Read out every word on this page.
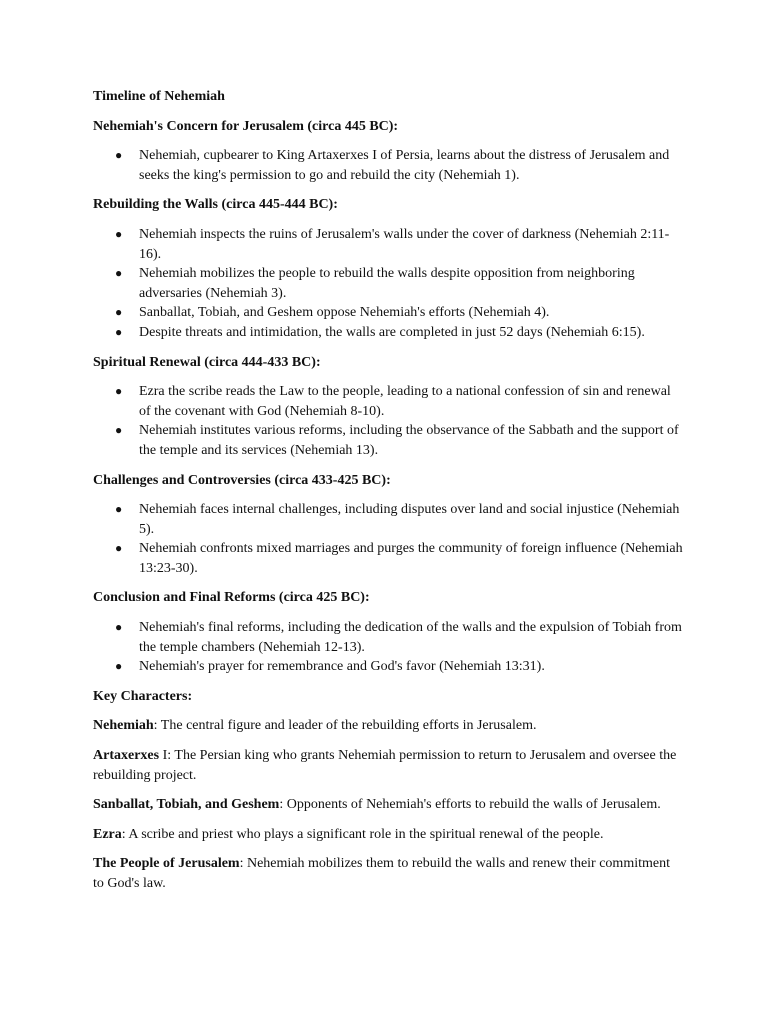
Timeline of Nehemiah

Nehemiah's Concern for Jerusalem (circa 445 BC):

● Nehemiah, cupbearer to King Artaxerxes I of Persia, learns about the distress of Jerusalem and seeks the king's permission to go and rebuild the city (Nehemiah 1).

Rebuilding the Walls (circa 445-444 BC):

● Nehemiah inspects the ruins of Jerusalem's walls under the cover of darkness (Nehemiah 2:11-16).
● Nehemiah mobilizes the people to rebuild the walls despite opposition from neighboring adversaries (Nehemiah 3).
● Sanballat, Tobiah, and Geshem oppose Nehemiah's efforts (Nehemiah 4).
● Despite threats and intimidation, the walls are completed in just 52 days (Nehemiah 6:15).

Spiritual Renewal (circa 444-433 BC):

● Ezra the scribe reads the Law to the people, leading to a national confession of sin and renewal of the covenant with God (Nehemiah 8-10).
● Nehemiah institutes various reforms, including the observance of the Sabbath and the support of the temple and its services (Nehemiah 13).

Challenges and Controversies (circa 433-425 BC):

● Nehemiah faces internal challenges, including disputes over land and social injustice (Nehemiah 5).
● Nehemiah confronts mixed marriages and purges the community of foreign influence (Nehemiah 13:23-30).

Conclusion and Final Reforms (circa 425 BC):

● Nehemiah's final reforms, including the dedication of the walls and the expulsion of Tobiah from the temple chambers (Nehemiah 12-13).
● Nehemiah's prayer for remembrance and God's favor (Nehemiah 13:31).

Key Characters:

Nehemiah: The central figure and leader of the rebuilding efforts in Jerusalem.

Artaxerxes I: The Persian king who grants Nehemiah permission to return to Jerusalem and oversee the rebuilding project.

Sanballat, Tobiah, and Geshem: Opponents of Nehemiah's efforts to rebuild the walls of Jerusalem.

Ezra: A scribe and priest who plays a significant role in the spiritual renewal of the people.

The People of Jerusalem: Nehemiah mobilizes them to rebuild the walls and renew their commitment to God's law.
